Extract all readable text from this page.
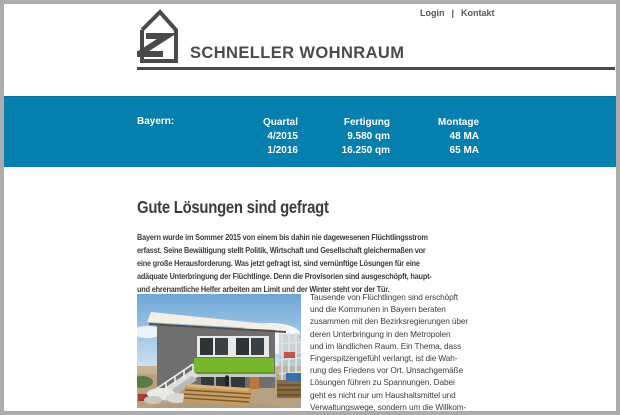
SCHNELLER WOHNRAUM
Login | Kontakt
Bayern:	Quartal
4/2015
1/2016
Fertigung
9.580 qm
16.250 qm
Montage
48 MA
65 MA
Gute Lösungen sind gefragt
Bayern wurde im Sommer 2015 von einem bis dahin nie dagewesenen Flüchtlingsstrom
erfasst. Seine Bewältigung stellt Politik, Wirtschaft und Gesellschaft gleichermaßen vor
eine große Herausforderung. Was jetzt gefragt ist, sind vernünftige Lösungen für eine
adäquate Unterbringung der Flüchtlinge. Denn die Provisorien sind ausgeschöpft, haupt-
und ehrenamtliche Helfer arbeiten am Limit und der Winter steht vor der Tür.
Tausende von Flüchtlingen sind erschöpft
und die Kommunen in Bayern beraten
zusammen mit den Bezirksregierungen über
deren Unterbringung in den Metropolen
und im ländlichen Raum. Ein Thema, dass
Fingerspitzengefühl verlangt, ist die Wah-
rung des Friedens vor Ort. Unsachgemäße
Lösungen führen zu Spannungen. Dabei
geht es nicht nur um Haushaltsmittel und
Verwaltungswege, sondern um die Willkom-
